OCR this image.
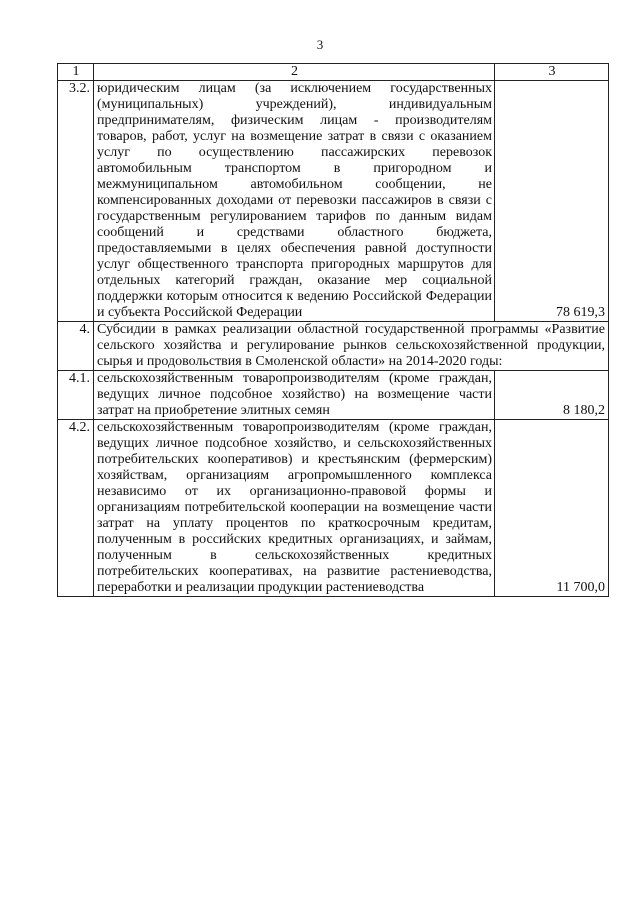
3
1	2	3
3.2.	юридическим лицам (за исключением государственных (муниципальных) учреждений), индивидуальным предпринимателям, физическим лицам - производителям товаров, работ, услуг на возмещение затрат в связи с оказанием услуг по осуществлению пассажирских перевозок автомобильным транспортом в пригородном и межмуниципальном автомобильном сообщении, не компенсированных доходами от перевозки пассажиров в связи с государственным регулированием тарифов по данным видам сообщений и средствами областного бюджета, предоставляемыми в целях обеспечения равной доступности услуг общественного транспорта пригородных маршрутов для отдельных категорий граждан, оказание мер социальной поддержки которым относится к ведению Российской Федерации и субъекта Российской Федерации	78 619,3
4.	Субсидии в рамках реализации областной государственной программы «Развитие сельского хозяйства и регулирование рынков сельскохозяйственной продукции, сырья и продовольствия в Смоленской области» на 2014-2020 годы:	
4.1.	сельскохозяйственным товаропроизводителям (кроме граждан, ведущих личное подсобное хозяйство) на возмещение части затрат на приобретение элитных семян	8 180,2
4.2.	сельскохозяйственным товаропроизводителям (кроме граждан, ведущих личное подсобное хозяйство, и сельскохозяйственных потребительских кооперативов) и крестьянским (фермерским) хозяйствам, организациям агропромышленного комплекса независимо от их организационно-правовой формы и организациям потребительской кооперации на возмещение части затрат на уплату процентов по краткосрочным кредитам, полученным в российских кредитных организациях, и займам, полученным в сельскохозяйственных кредитных потребительских кооперативах, на развитие растениеводства, переработки и реализации продукции растениеводства	11 700,0
